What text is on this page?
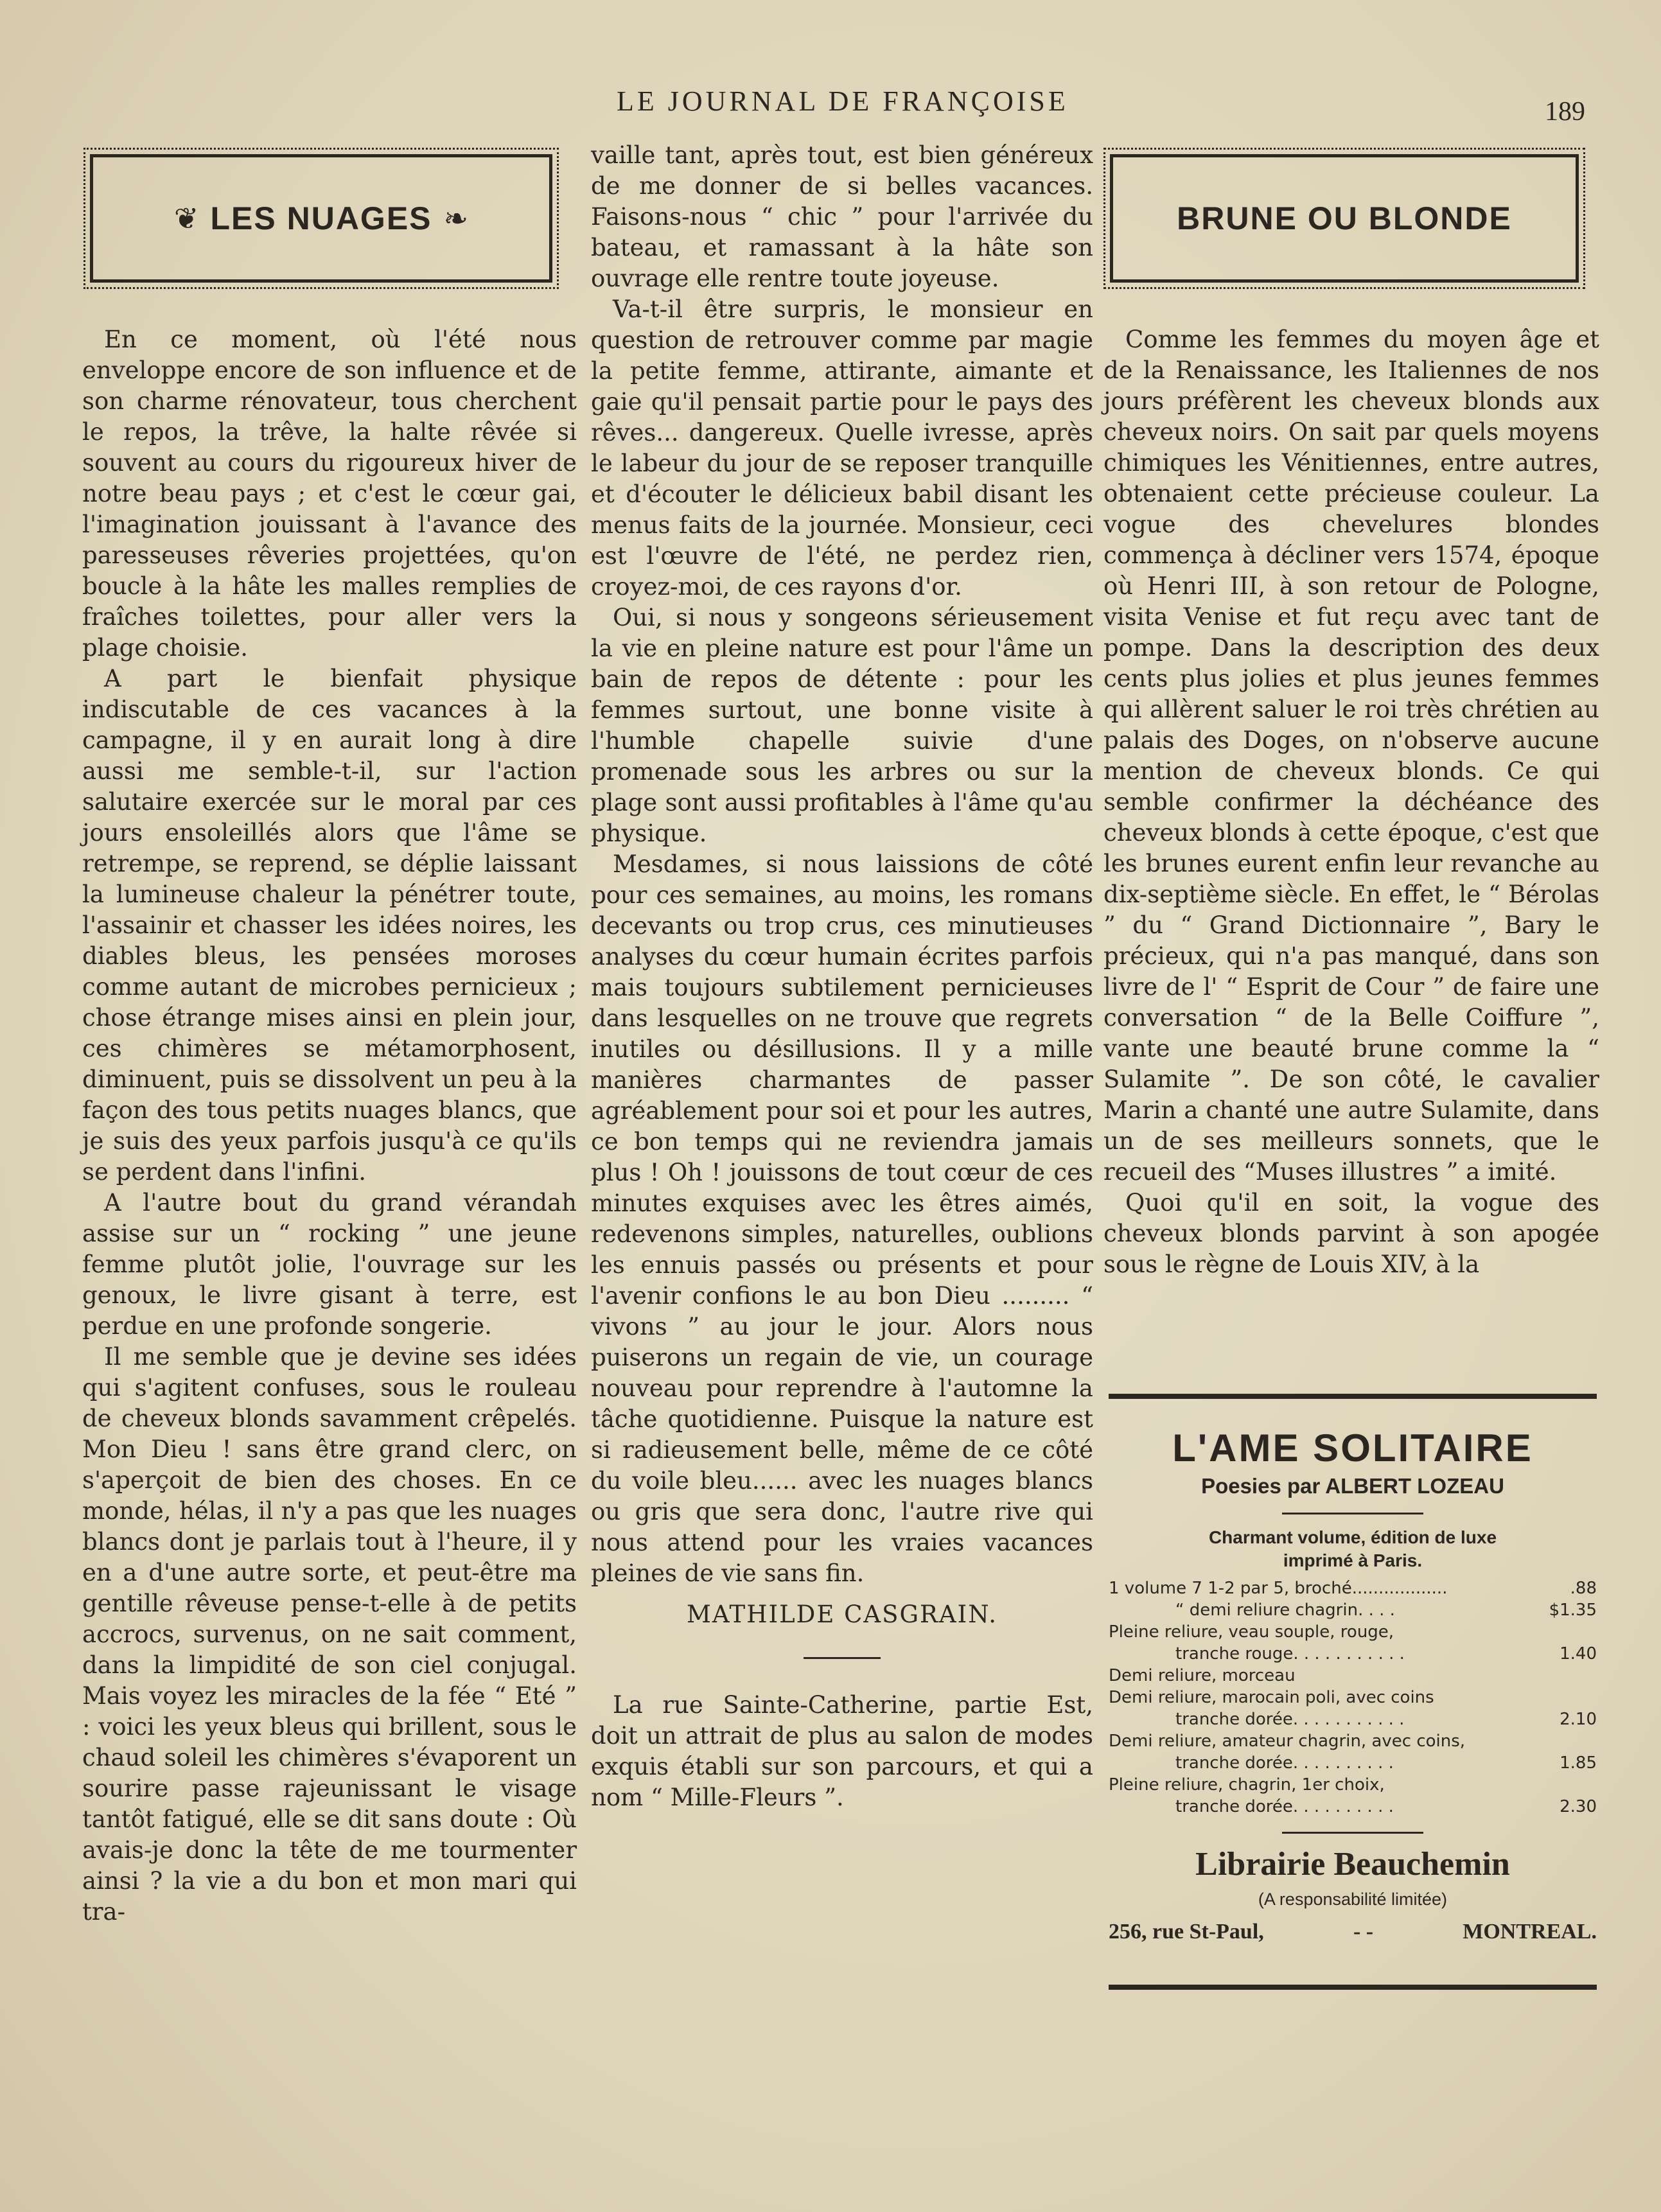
LE JOURNAL DE FRANÇOISE	189
❦ LES NUAGES ❧

En ce moment, où l'été nous enveloppe encore de son influence et de son charme rénovateur, tous cherchent le repos, la trêve, la halte rêvée si souvent au cours du rigoureux hiver de notre beau pays ; et c'est le cœur gai, l'imagination jouissant à l'avance des paresseuses rêveries projettées, qu'on boucle à la hâte les malles remplies de fraîches toilettes, pour aller vers la plage choisie.

A part le bienfait physique indiscutable de ces vacances à la campagne, il y en aurait long à dire aussi me semble-t-il, sur l'action salutaire exercée sur le moral par ces jours ensoleillés alors que l'âme se retrempe, se reprend, se déplie laissant la lumineuse chaleur la pénétrer toute, l'assainir et chasser les idées noires, les diables bleus, les pensées moroses comme autant de microbes pernicieux ; chose étrange mises ainsi en plein jour, ces chimères se métamorphosent, diminuent, puis se dissolvent un peu à la façon des tous petits nuages blancs, que je suis des yeux parfois jusqu'à ce qu'ils se perdent dans l'infini.

A l'autre bout du grand vérandah assise sur un “ rocking ” une jeune femme plutôt jolie, l'ouvrage sur les genoux, le livre gisant à terre, est perdue en une profonde songerie.

Il me semble que je devine ses idées qui s'agitent confuses, sous le rouleau de cheveux blonds savamment crêpelés. Mon Dieu ! sans être grand clerc, on s'aperçoit de bien des choses. En ce monde, hélas, il n'y a pas que les nuages blancs dont je parlais tout à l'heure, il y en a d'une autre sorte, et peut-être ma gentille rêveuse pense-t-elle à de petits accrocs, survenus, on ne sait comment, dans la limpidité de son ciel conjugal. Mais voyez les miracles de la fée “ Eté ” : voici les yeux bleus qui brillent, sous le chaud soleil les chimères s'évaporent un sourire passe rajeunissant le visage tantôt fatigué, elle se dit sans doute : Où avais-je donc la tête de me tourmenter ainsi ? la vie a du bon et mon mari qui tra-

vaille tant, après tout, est bien généreux de me donner de si belles vacances. Faisons-nous “ chic ” pour l'arrivée du bateau, et ramassant à la hâte son ouvrage elle rentre toute joyeuse.

Va-t-il être surpris, le monsieur en question de retrouver comme par magie la petite femme, attirante, aimante et gaie qu'il pensait partie pour le pays des rêves... dangereux. Quelle ivresse, après le labeur du jour de se reposer tranquille et d'écouter le délicieux babil disant les menus faits de la journée. Monsieur, ceci est l'œuvre de l'été, ne perdez rien, croyez-moi, de ces rayons d'or.

Oui, si nous y songeons sérieusement la vie en pleine nature est pour l'âme un bain de repos de détente : pour les femmes surtout, une bonne visite à l'humble chapelle suivie d'une promenade sous les arbres ou sur la plage sont aussi profitables à l'âme qu'au physique.

Mesdames, si nous laissions de côté pour ces semaines, au moins, les romans decevants ou trop crus, ces minutieuses analyses du cœur humain écrites parfois mais toujours subtilement pernicieuses dans lesquelles on ne trouve que regrets inutiles ou désillusions. Il y a mille manières charmantes de passer agréablement pour soi et pour les autres, ce bon temps qui ne reviendra jamais plus ! Oh ! jouissons de tout cœur de ces minutes exquises avec les êtres aimés, redevenons simples, naturelles, oublions les ennuis passés ou présents et pour l'avenir confions le au bon Dieu ......... “ vivons ” au jour le jour. Alors nous puiserons un regain de vie, un courage nouveau pour reprendre à l'automne la tâche quotidienne. Puisque la nature est si radieusement belle, même de ce côté du voile bleu...... avec les nuages blancs ou gris que sera donc, l'autre rive qui nous attend pour les vraies vacances pleines de vie sans fin.

MATHILDE CASGRAIN.

La rue Sainte-Catherine, partie Est, doit un attrait de plus au salon de modes exquis établi sur son parcours, et qui a nom “ Mille-Fleurs ”.

BRUNE OU BLONDE

Comme les femmes du moyen âge et de la Renaissance, les Italiennes de nos jours préfèrent les cheveux blonds aux cheveux noirs. On sait par quels moyens chimiques les Vénitiennes, entre autres, obtenaient cette précieuse couleur. La vogue des chevelures blondes commença à décliner vers 1574, époque où Henri III, à son retour de Pologne, visita Venise et fut reçu avec tant de pompe. Dans la description des deux cents plus jolies et plus jeunes femmes qui allèrent saluer le roi très chrétien au palais des Doges, on n'observe aucune mention de cheveux blonds. Ce qui semble confirmer la déchéance des cheveux blonds à cette époque, c'est que les brunes eurent enfin leur revanche au dix-septième siècle. En effet, le “ Bérolas ” du “ Grand Dictionnaire ”, Bary le précieux, qui n'a pas manqué, dans son livre de l' “ Esprit de Cour ” de faire une conversation “ de la Belle Coiffure ”, vante une beauté brune comme la “ Sulamite ”. De son côté, le cavalier Marin a chanté une autre Sulamite, dans un de ses meilleurs sonnets, que le recueil des “Muses illustres ” a imité.

Quoi qu'il en soit, la vogue des cheveux blonds parvint à son apogée sous le règne de Louis XIV, à la

L'AME SOLITAIRE
Poesies par ALBERT LOZEAU
Charmant volume, édition de luxe
imprimé à Paris.
1 volume 7 1-2 par 5, broché..................	.88
“ demi reliure chagrin. . . .	$1.35
Pleine reliure, veau souple, rouge,
tranche rouge. . . . . . . . . . .	1.40
Demi reliure, morceau
Demi reliure, marocain poli, avec coins
tranche dorée. . . . . . . . . . .	2.10
Demi reliure, amateur chagrin, avec coins,
tranche dorée. . . . . . . . . .	1.85
Pleine reliure, chagrin, 1er choix,
tranche dorée. . . . . . . . . .	2.30
Librairie Beauchemin
(A responsabilité limitée)
256, rue St-Paul,	- -	MONTREAL.
